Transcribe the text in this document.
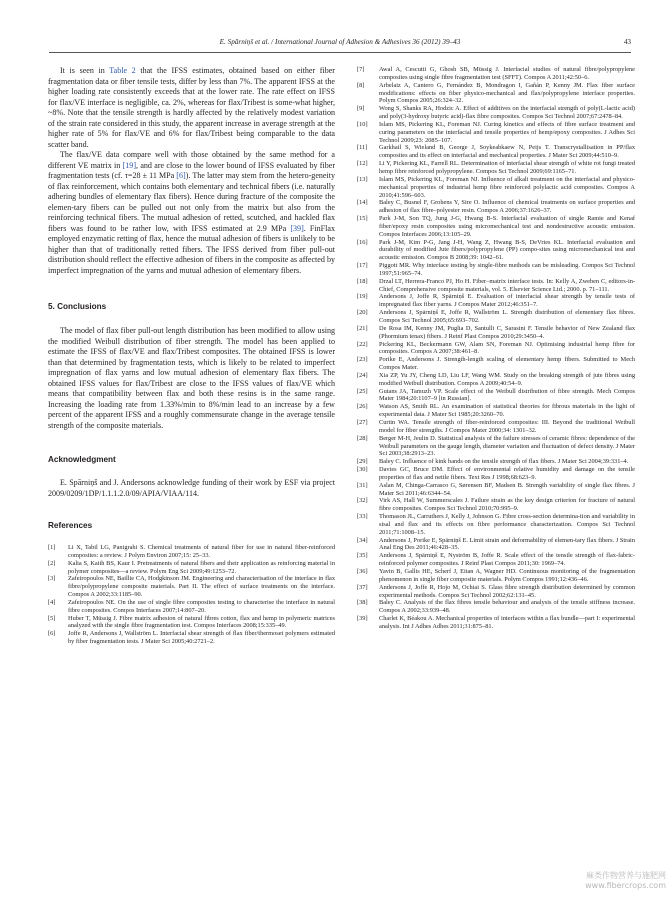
E. Spārniņš et al. / International Journal of Adhesion & Adhesives 36 (2012) 39–43	43

It is seen in Table 2 that the IFSS estimates, obtained based on either fiber fragmentation data or fiber tensile tests, differ by less than 7%. The apparent IFSS at the higher loading rate consistently exceeds that at the lower rate. The rate effect on IFSS for flax/VE interface is negligible, ca. 2%, whereas for flax/Tribest is some-what higher, ~8%. Note that the tensile strength is hardly affected by the relatively modest variation of the strain rate considered in this study, the apparent increase in average strength at the higher rate of 5% for flax/VE and 6% for flax/Tribest being comparable to the data scatter band.

The flax/VE data compare well with those obtained by the same method for a different VE matrix in [19], and are close to the lower bound of IFSS evaluated by fiber fragmentation tests (cf. τ=28 ± 11 MPa [6]). The latter may stem from the hetero-geneity of flax reinforcement, which contains both elementary and technical fibers (i.e. naturally adhering bundles of elementary flax fibers). Hence during fracture of the composite the elemen-tary fibers can be pulled out not only from the matrix but also from the reinforcing technical fibers. The mutual adhesion of retted, scutched, and hackled flax fibers was found to be rather low, with IFSS estimated at 2.9 MPa [39]. FinFlax employed enzymatic retting of flax, hence the mutual adhesion of fibers is unlikely to be higher than that of traditionally retted fibers. The IFSS derived from fiber pull-out distribution should reflect the effective adhesion of fibers in the composite as affected by imperfect impregnation of the yarns and mutual adhesion of elementary fibers.

5. Conclusions

The model of flax fiber pull-out length distribution has been modified to allow using the modified Weibull distribution of fiber strength. The model has been applied to estimate the IFSS of flax/VE and flax/Tribest composites. The obtained IFSS is lower than that determined by fragmentation tests, which is likely to be related to imperfect impregnation of flax yarns and low mutual adhesion of elementary flax fibers. The obtained IFSS values for flax/Tribest are close to the IFSS values of flax/VE which means that compatibility between flax and both these resins is in the same range. Increasing the loading rate from 1.33%/min to 8%/min lead to an increase by a few percent of the apparent IFSS and a roughly commensurate change in the average tensile strength of the composite materials.

Acknowledgment

E. Spārniņš and J. Andersons acknowledge funding of their work by ESF via project 2009/0209/1DP/1.1.1.2.0/09/APIA/VIAA/114.

References

[1] Li X, Tabil LG, Panigrahi S. Chemical treatments of natural fiber for use in natural fiber-reinforced composites: a review. J Polym Environ 2007;15: 25–33.
[2] Kalia S, Kaith BS, Kaur I. Pretreatments of natural fibers and their application as reinforcing material in polymer composites—a review. Polym Eng Sci 2009;49:1253–72.
[3] Zafeiropoulos NE, Baillie CA, Hodgkinson JM. Engineering and characterisation of the interface in flax fibre/polypropylene composite materials. Part II. The effect of surface treatments on the interface. Compos A 2002;33:1185–90.
[4] Zafeiropoulos NE. On the use of single fibre composites testing to characterise the interface in natural fibre composites. Compos Interfaces 2007;14:807–20.
[5] Huber T, Müssig J. Fibre matrix adhesion of natural fibres cotton, flax and hemp in polymeric matrices analyzed with the single fibre fragmentation test. Compos Interfaces 2008;15:335–49.
[6] Joffe R, Andersons J, Wallström L. Interfacial shear strength of flax fiber/thermoset polymers estimated by fiber fragmentation tests. J Mater Sci 2005;40:2721–2.
[7] Awal A, Cescutti G, Ghosh SB, Müssig J. Interfacial studies of natural fibre/polypropylene composites using single fibre fragmentation test (SFFT). Compos A 2011;42:50–6.
[8] Arbelaiz A, Cantero G, Fernández B, Mondragon I, Gañán P, Kenny JM. Flax fiber surface modifications: effects on fiber physico-mechanical and flax/polypropylene interface properties. Polym Compos 2005;26:324–32.
[9] Wong S, Shanks RA, Hodzic A. Effect of additives on the interfacial strength of poly(L-lactic acid) and poly(3-hydroxy butyric acid)-flax fibre composites. Compos Sci Technol 2007;67:2478–84.
[10] Islam MS, Pickering KL, Foreman NJ. Curing kinetics and effects of fibre surface treatment and curing parameters on the interfacial and tensile properties of hemp/epoxy composites. J Adhes Sci Technol 2009;23: 2085–107.
[11] Garkhail S, Wieland B, George J, Soykeabkaew N, Peijs T. Transcrystallisation in PP/flax composites and its effect on interfacial and mechanical properties. J Mater Sci 2009;44:510–9.
[12] Li Y, Pickering KL, Farrell RL. Determination of interfacial shear strength of white rot fungi treated hemp fibre reinforced polypropylene. Compos Sci Technol 2009;69:1165–71.
[13] Islam MS, Pickering KL, Foreman NJ. Influence of alkali treatment on the interfacial and physico-mechanical properties of industrial hemp fibre reinforced polylactic acid composites. Compos A 2010;41:596–603.
[14] Baley C, Busnel F, Grohens Y, Sire O. Influence of chemical treatments on surface properties and adhesion of flax fibre–polyester resin. Compos A 2006;37:1626–37.
[15] Park J-M, Son TQ, Jung J-G, Hwang B-S. Interfacial evaluation of single Ramie and Kenaf fiber/epoxy resin composites using micromechanical test and nondestructive acoustic emission. Compos Interfaces 2006;13:105–29.
[16] Park J-M, Kim P-G, Jang J-H, Wang Z, Hwang B-S, DeVries KL. Interfacial evaluation and durability of modified Jute fibers/polypropylene (PP) compo-sites using micromechanical test and acoustic emission. Compos B 2008;39: 1042–61.
[17] Piggott MR. Why interface testing by single-fibre methods can be misleading. Compos Sci Technol 1997;51:965–74.
[18] Drzal LT, Herrera-Franco PJ, Ho H. Fiber–matrix interface tests. In: Kelly A, Zweben C, editors-in-Chief, Comprehensive composite materials, vol. 5. Elsevier Science Ltd.; 2000. p. 71–111.
[19] Andersons J, Joffe R, Spārniņš E. Evaluation of interfacial shear strength by tensile tests of impregnated flax fiber yarns. J Compos Mater 2012;46:351–7.
[20] Andersons J, Spārniņš E, Joffe R, Wallström L. Strength distribution of elementary flax fibres. Compos Sci Technol 2005;65:693–702.
[21] De Rosa IM, Kenny JM, Puglia D, Santulli C, Sarasini F. Tensile behavior of New Zealand flax (Phormium tenax) fibers. J Reinf Plast Compos 2010;29:3450–4.
[22] Pickering KL, Beckermann GW, Alam SN, Foreman NJ. Optimising industrial hemp fibre for composites. Compos A 2007;38:461–8.
[23] Porike E, Andersons J. Strength-length scaling of elementary hemp fibers. Submitted to Mech Compos Mater.
[24] Xia ZP, Yu JY, Cheng LD, Liu LF, Wang WM. Study on the breaking strength of jute fibres using modified Weibull distribution. Compos A 2009;40:54–9.
[25] Gutans JA, Tamuzh VP. Scale effect of the Weibull distribution of fibre strength. Mech Compos Mater 1984;20:1107–9 [in Russian].
[26] Watson AS, Smith RL. An examination of statistical theories for fibrous materials in the light of experimental data. J Mater Sci 1985;20:3260–70.
[27] Curtin WA. Tensile strength of fiber-reinforced composites: III. Beyond the traditional Weibull model for fiber strengths. J Compos Mater 2000;34: 1301–32.
[28] Berger M-H, Jeulin D. Statistical analysis of the failure stresses of ceramic fibres: dependence of the Weibull parameters on the gauge length, diameter variation and fluctuation of defect density. J Mater Sci 2003;38:2913–23.
[29] Baley C. Influence of kink bands on the tensile strength of flax fibers. J Mater Sci 2004;39:331–4.
[30] Davies GC, Bruce DM. Effect of environmental relative humidity and damage on the tensile properties of flax and nettle fibers. Text Res J 1998;68:623–9.
[31] Aslan M, Chinga-Carrasco G, Sørensen BF, Madsen B. Strength variability of single flax fibres. J Mater Sci 2011;46:6344–54.
[32] Virk AS, Hall W, Summerscales J. Failure strain as the key design criterion for fracture of natural fibre composites. Compos Sci Technol 2010;70:995–9.
[33] Thomason JL, Carruthers J, Kelly J, Johnson G. Fibre cross-section determina-tion and variability in sisal and flax and its effects on fibre performance characterization. Compos Sci Technol 2011;71:1008–15.
[34] Andersons J, Porike E, Spārniņš E. Limit strain and deformability of elemen-tary flax fibers. J Strain Anal Eng Des 2011;46:428–35.
[35] Andersons J, Spārniņš E, Nyström B, Joffe R. Scale effect of the tensile strength of flax-fabric-reinforced polymer composites. J Reinf Plast Compos 2011;30: 1969–74.
[36] Yavin B, Gallis HE, Scherf J, Eitan A, Wagner HD. Continuous monitoring of the fragmentation phenomenon in single fiber composite materials. Polym Compos 1991;12:436–46.
[37] Andersons J, Joffe R, Hojo M, Ochiai S. Glass fibre strength distribution determined by common experimental methods. Compos Sci Technol 2002;62:131–45.
[38] Baley C. Analysis of the flax fibres tensile behaviour and analysis of the tensile stiffness increase. Compos A 2002;33:939–48.
[39] Charlet K, Béakou A. Mechanical properties of interfaces within a flax bundle—part I: experimental analysis. Int J Adhes Adhes 2011;31:875–81.
麻类作物营养与施肥网
www.fibercrops.com
